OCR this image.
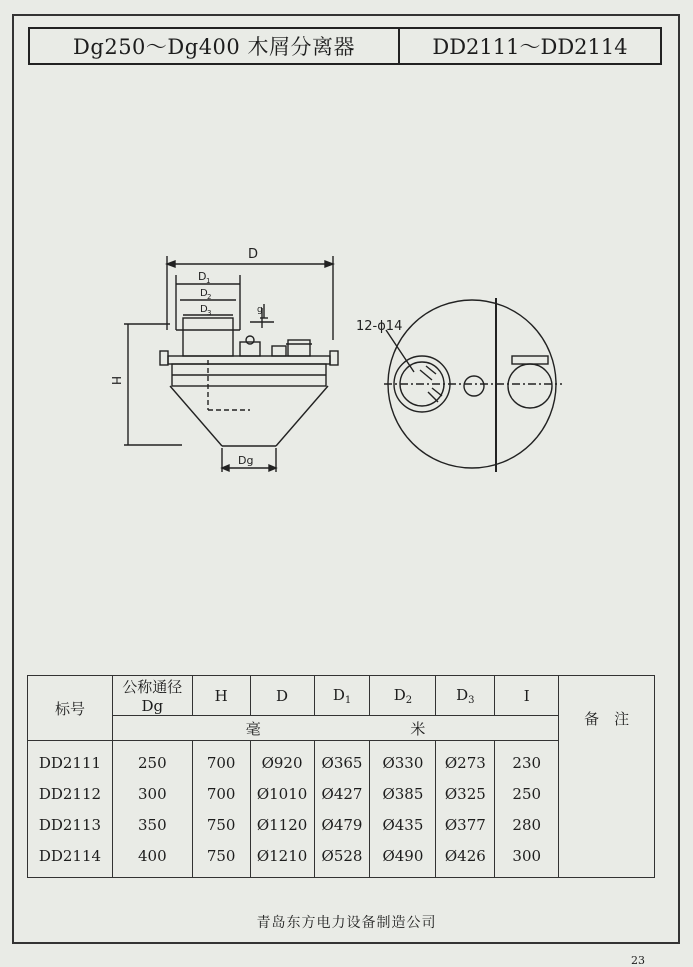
Dg250～Dg400 木屑分离器	DD2111～DD2114
D
D 1
D 2
D 3
H
g
Dg
12-ϕ14
标号	公称通径
Dg	H	D	$D_1$	$D_2$	$D_3$	I	备　注
	毫 米							
DD2111	250	700	Ø920	Ø365	Ø330	Ø273	230	
DD2112	300	700	Ø1010	Ø427	Ø385	Ø325	250	
DD2113	350	750	Ø1120	Ø479	Ø435	Ø377	280	
DD2114	400	750	Ø1210	Ø528	Ø490	Ø426	300	
青岛东方电力设备制造公司
23
